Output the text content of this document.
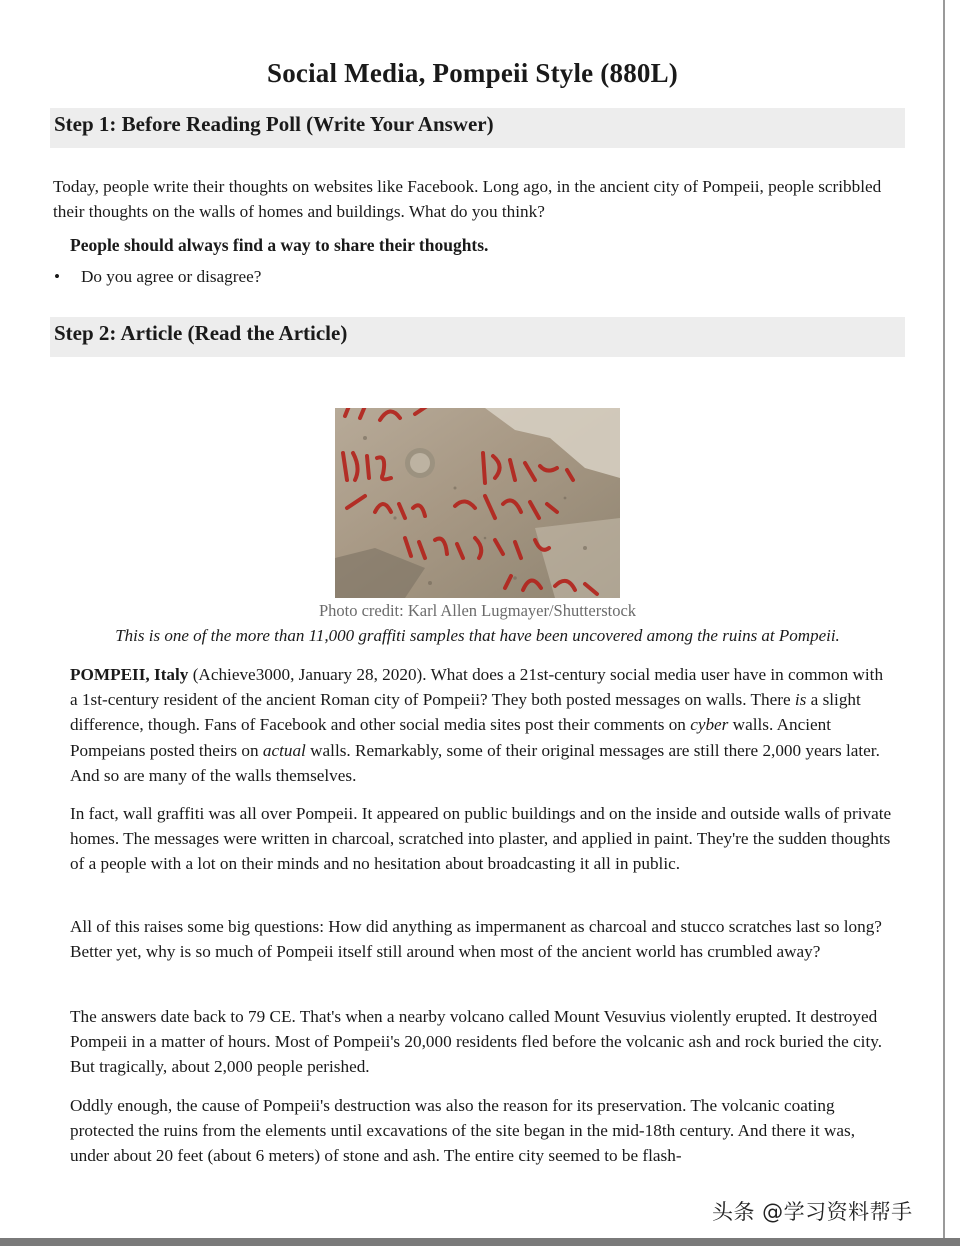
Social Media, Pompeii Style (880L)
Step 1: Before Reading Poll (Write Your Answer)

Today, people write their thoughts on websites like Facebook. Long ago, in the ancient city of Pompeii, people scribbled their thoughts on the walls of homes and buildings. What do you think?

People should always find a way to share their thoughts.
• Do you agree or disagree?
Step 2: Article (Read the Article)
Photo credit: Karl Allen Lugmayer/Shutterstock
This is one of the more than 11,000 graffiti samples that have been uncovered among the ruins at Pompeii.

POMPEII, Italy (Achieve3000, January 28, 2020). What does a 21st-century social media user have in common with a 1st-century resident of the ancient Roman city of Pompeii? They both posted messages on walls. There is a slight difference, though. Fans of Facebook and other social media sites post their comments on cyber walls. Ancient Pompeians posted theirs on actual walls. Remarkably, some of their original messages are still there 2,000 years later. And so are many of the walls themselves.

In fact, wall graffiti was all over Pompeii. It appeared on public buildings and on the inside and outside walls of private homes. The messages were written in charcoal, scratched into plaster, and applied in paint. They're the sudden thoughts of a people with a lot on their minds and no hesitation about broadcasting it all in public.

All of this raises some big questions: How did anything as impermanent as charcoal and stucco scratches last so long? Better yet, why is so much of Pompeii itself still around when most of the ancient world has crumbled away?

The answers date back to 79 CE. That's when a nearby volcano called Mount Vesuvius violently erupted. It destroyed Pompeii in a matter of hours. Most of Pompeii's 20,000 residents fled before the volcanic ash and rock buried the city. But tragically, about 2,000 people perished.

Oddly enough, the cause of Pompeii's destruction was also the reason for its preservation. The volcanic coating protected the ruins from the elements until excavations of the site began in the mid-18th century. And there it was, under about 20 feet (about 6 meters) of stone and ash. The entire city seemed to be flash-

头条 @学习资料帮手
